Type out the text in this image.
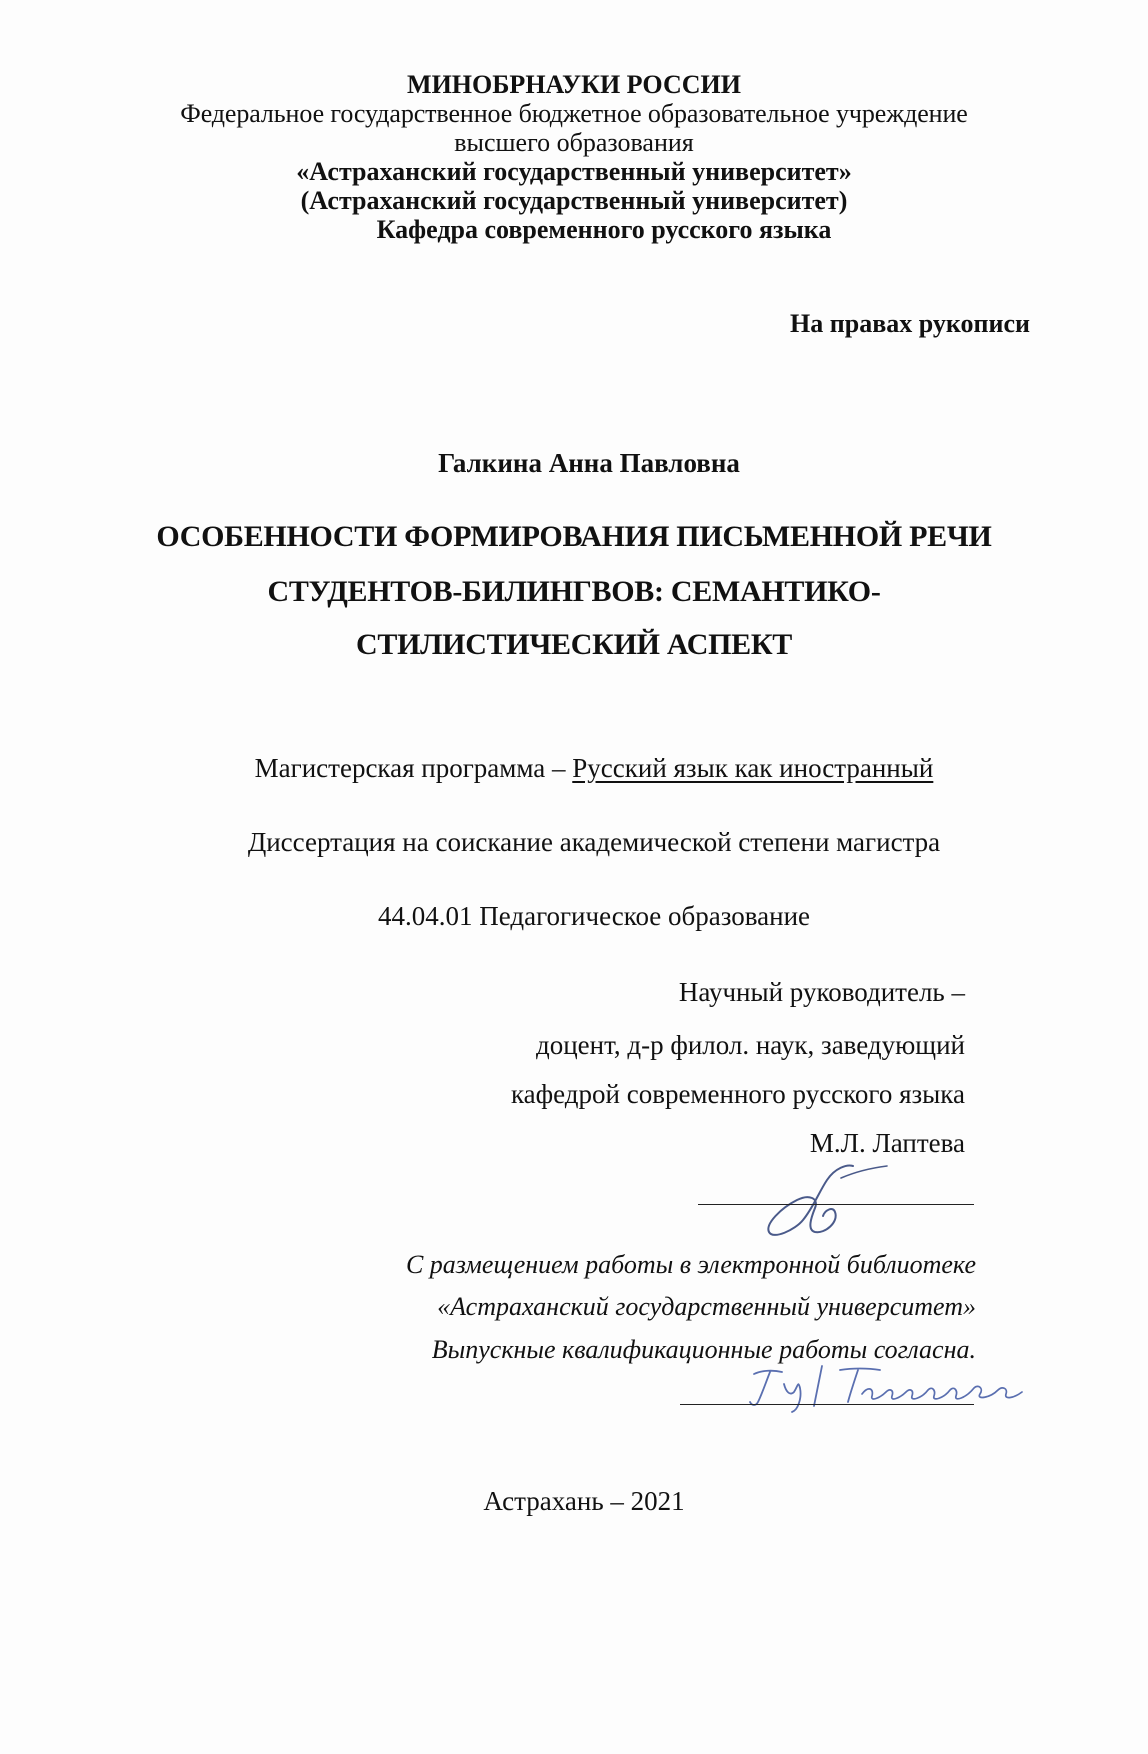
МИНОБРНАУКИ РОССИИ
Федеральное государственное бюджетное образовательное учреждение
высшего образования
«Астраханский государственный университет»
(Астраханский государственный университет)
Кафедра современного русского языка
На правах рукописи
Галкина Анна Павловна
ОСОБЕННОСТИ ФОРМИРОВАНИЯ ПИСЬМЕННОЙ РЕЧИ
СТУДЕНТОВ-БИЛИНГВОВ: СЕМАНТИКО-
СТИЛИСТИЧЕСКИЙ АСПЕКТ
Магистерская программа – Русский язык как иностранный
Диссертация на соискание академической степени магистра
44.04.01 Педагогическое образование
Научный руководитель –
доцент, д-р филол. наук, заведующий
кафедрой современного русского языка
М.Л. Лаптева
С размещением работы в электронной библиотеке
«Астраханский государственный университет»
Выпускные квалификационные работы согласна.
Астрахань – 2021
